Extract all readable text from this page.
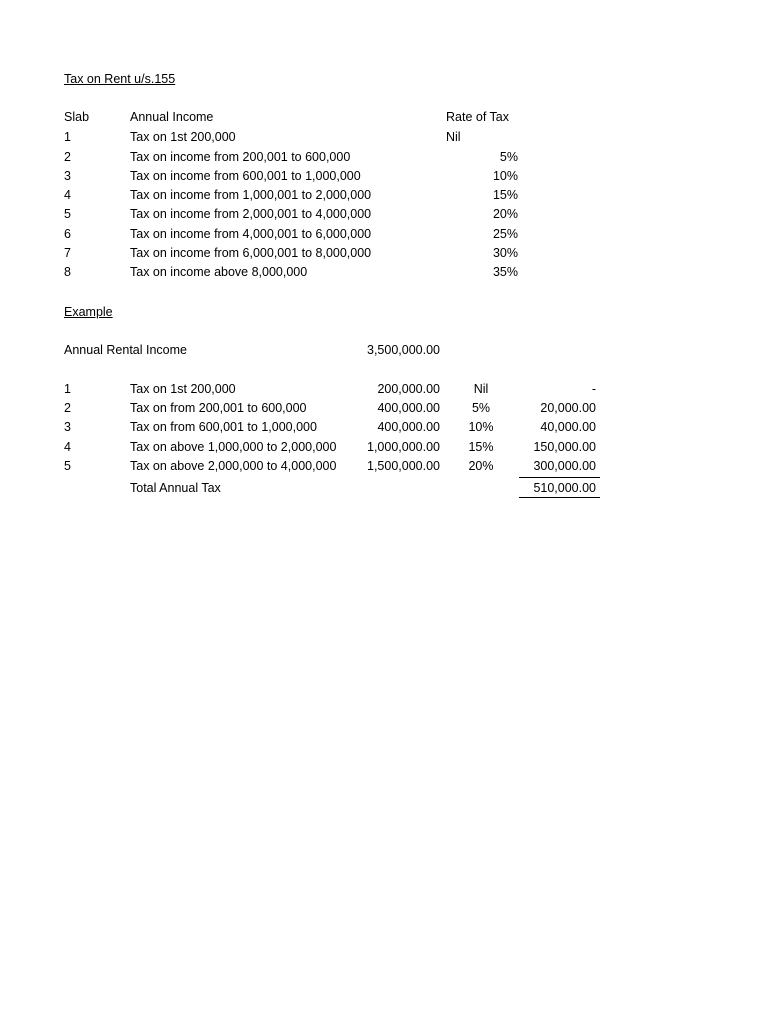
Tax on Rent u/s.155
Slab	Annual Income	Rate of Tax
1	Tax on 1st 200,000	Nil
2	Tax on income from 200,001 to 600,000	5%
3	Tax on income from 600,001 to 1,000,000	10%
4	Tax on income from 1,000,001 to 2,000,000	15%
5	Tax on income from 2,000,001 to 4,000,000	20%
6	Tax on income from 4,000,001 to 6,000,000	25%
7	Tax on income from 6,000,001 to 8,000,000	30%
8	Tax on income above 8,000,000	35%
Example
Annual Rental Income	3,500,000.00
1	Tax on 1st 200,000	200,000.00	Nil	-
2	Tax on from 200,001 to 600,000	400,000.00	5%	20,000.00
3	Tax on from 600,001 to 1,000,000	400,000.00	10%	40,000.00
4	Tax on above 1,000,000 to 2,000,000	1,000,000.00	15%	150,000.00
5	Tax on above 2,000,000 to 4,000,000	1,500,000.00	20%	300,000.00
Total Annual Tax	510,000.00
